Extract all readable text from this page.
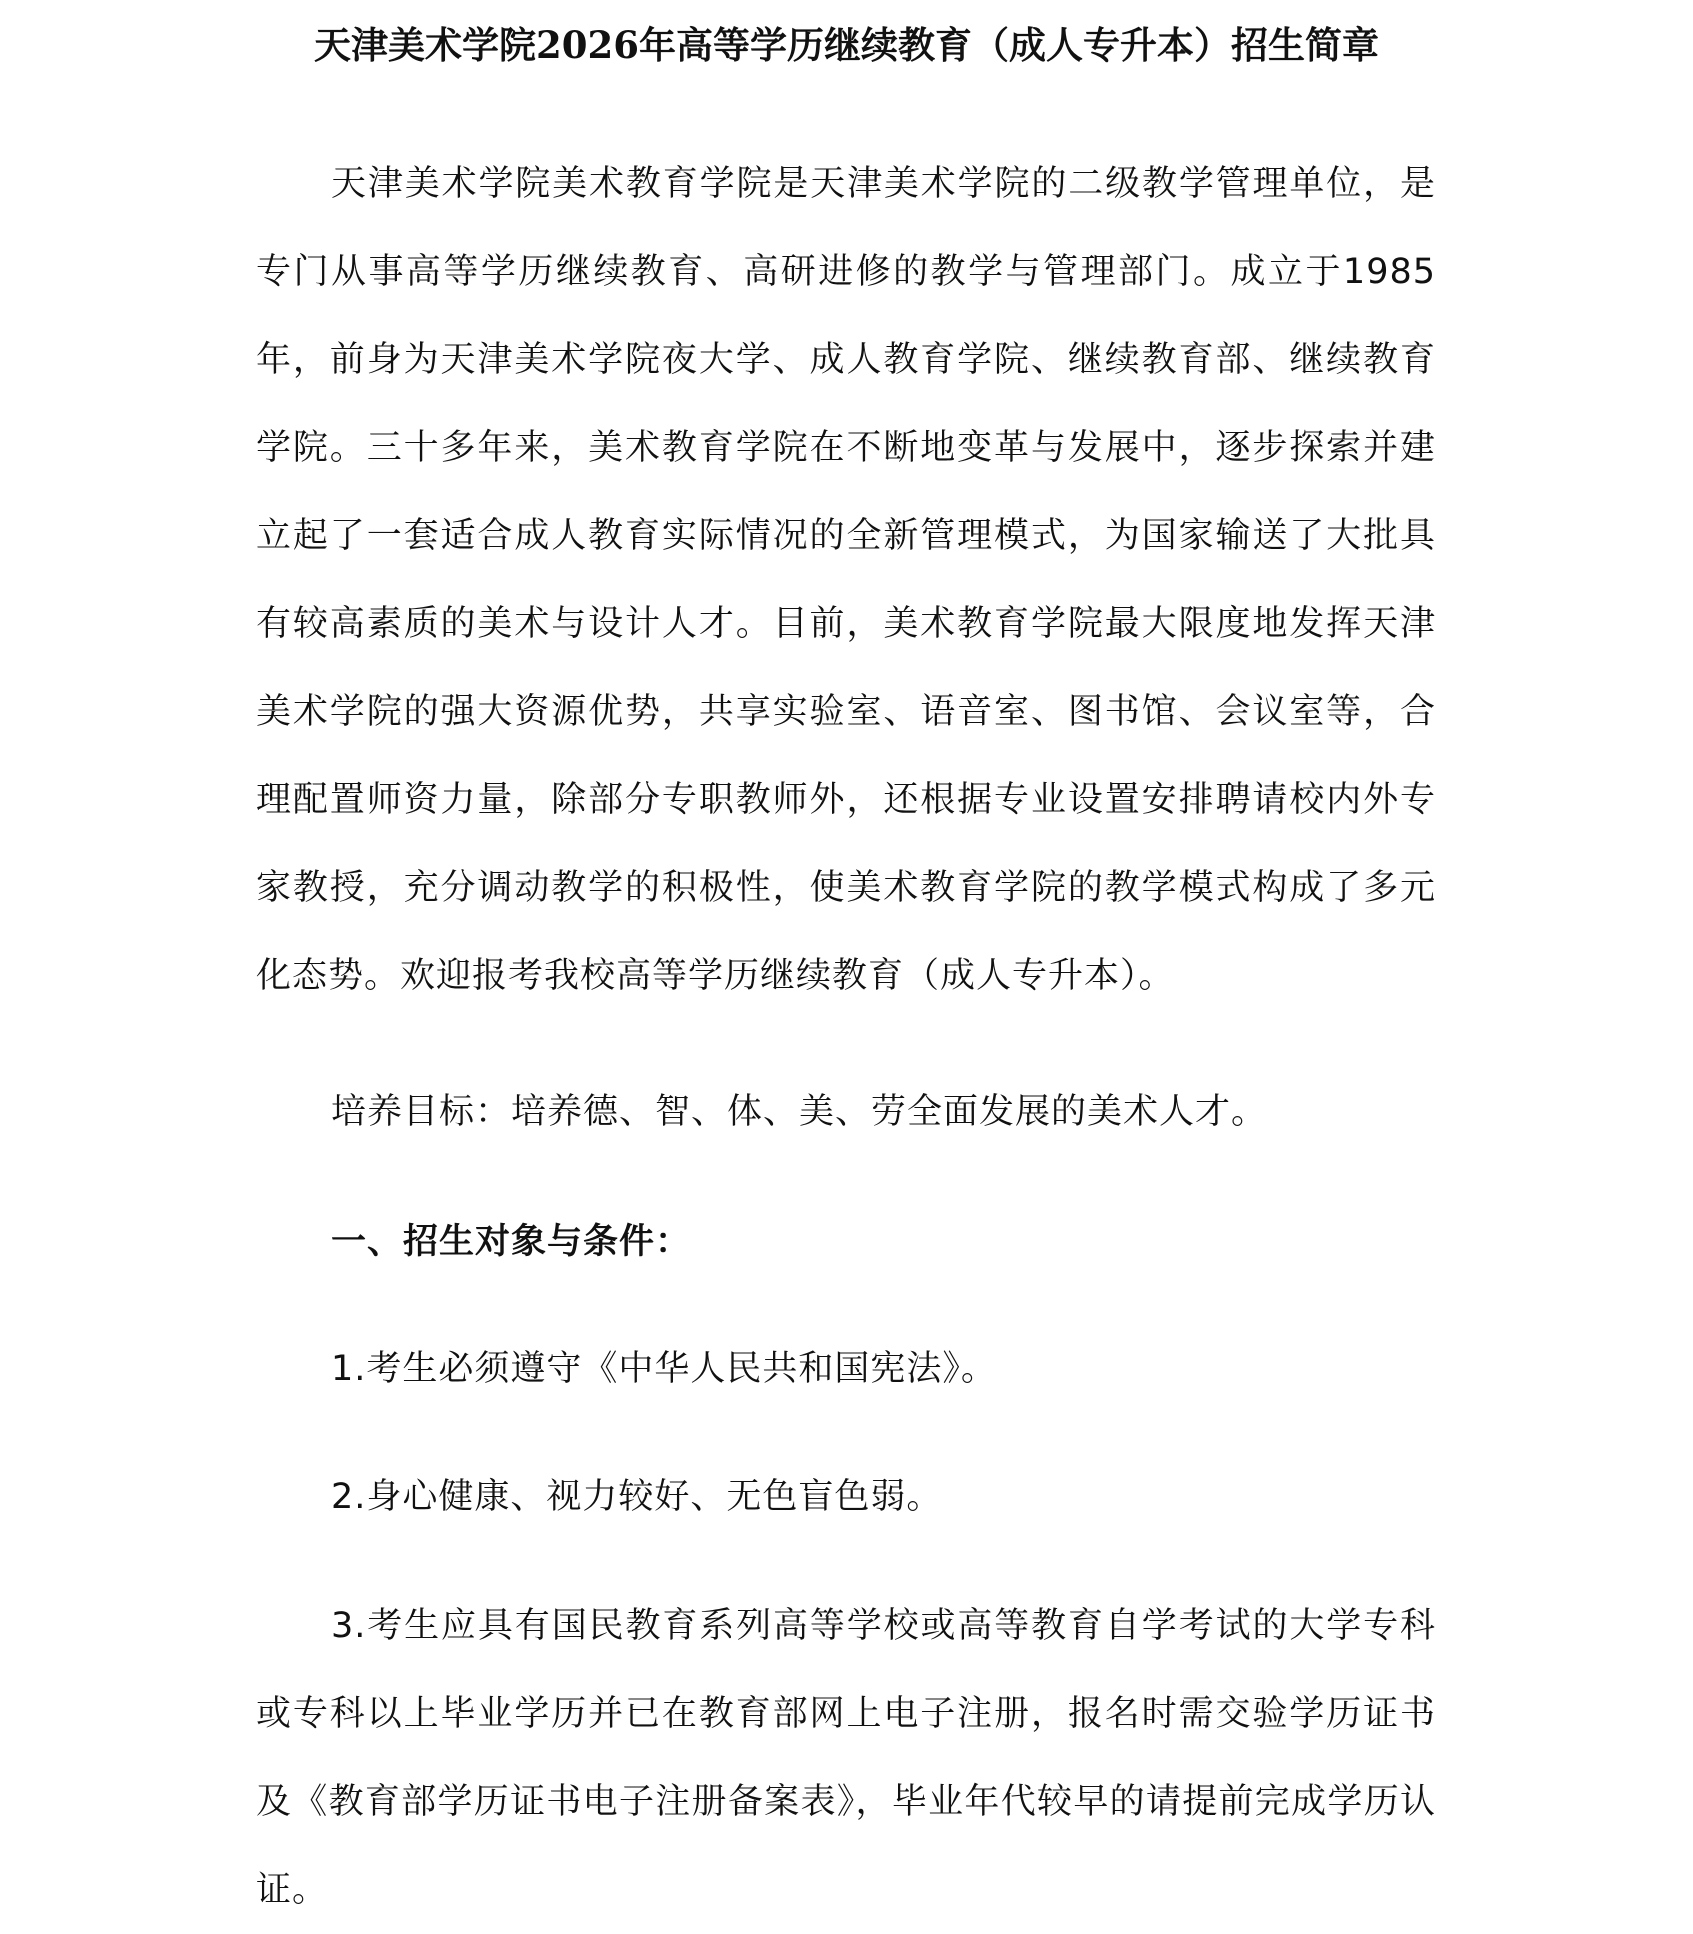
天津美术学院2026年高等学历继续教育（成人专升本）招生简章
天津美术学院美术教育学院是天津美术学院的二级教学管理单位，是专门从事高等学历继续教育、高研进修的教学与管理部门。成立于1985年，前身为天津美术学院夜大学、成人教育学院、继续教育部、继续教育学院。三十多年来，美术教育学院在不断地变革与发展中，逐步探索并建立起了一套适合成人教育实际情况的全新管理模式，为国家输送了大批具有较高素质的美术与设计人才。目前，美术教育学院最大限度地发挥天津美术学院的强大资源优势，共享实验室、语音室、图书馆、会议室等，合理配置师资力量，除部分专职教师外，还根据专业设置安排聘请校内外专家教授，充分调动教学的积极性，使美术教育学院的教学模式构成了多元化态势。欢迎报考我校高等学历继续教育（成人专升本）。
培养目标：培养德、智、体、美、劳全面发展的美术人才。
一、招生对象与条件：
1.考生必须遵守《中华人民共和国宪法》。
2.身心健康、视力较好、无色盲色弱。
3.考生应具有国民教育系列高等学校或高等教育自学考试的大学专科或专科以上毕业学历并已在教育部网上电子注册，报名时需交验学历证书及《教育部学历证书电子注册备案表》，毕业年代较早的请提前完成学历认证。
